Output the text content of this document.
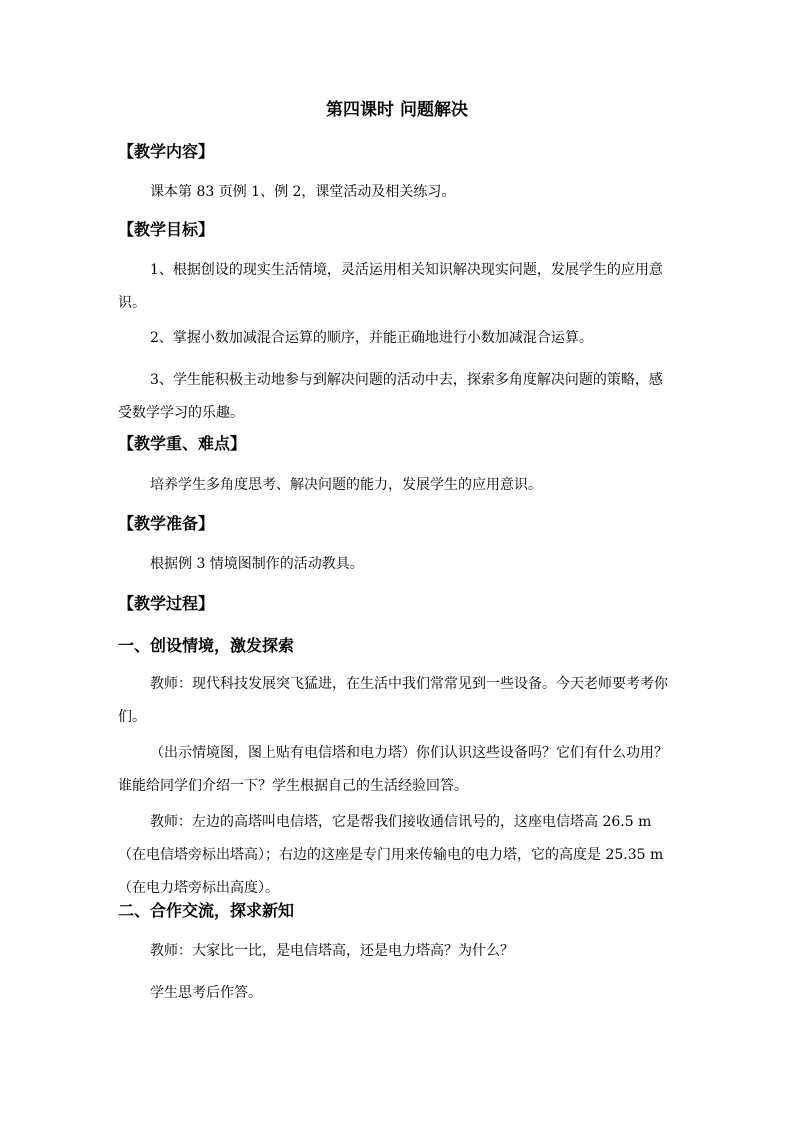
第四课时 问题解决
【教学内容】
课本第 83 页例 1、例 2，课堂活动及相关练习。
【教学目标】
1、根据创设的现实生活情境，灵活运用相关知识解决现实问题，发展学生的应用意识。
2、掌握小数加减混合运算的顺序，并能正确地进行小数加减混合运算。
3、学生能积极主动地参与到解决问题的活动中去，探索多角度解决问题的策略，感受数学学习的乐趣。
【教学重、难点】
培养学生多角度思考、解决问题的能力，发展学生的应用意识。
【教学准备】
根据例 3 情境图制作的活动教具。
【教学过程】
一、创设情境，激发探索
教师：现代科技发展突飞猛进，在生活中我们常常见到一些设备。今天老师要考考你们。
（出示情境图，图上贴有电信塔和电力塔）你们认识这些设备吗？它们有什么功用？谁能给同学们介绍一下？学生根据自己的生活经验回答。
教师：左边的高塔叫电信塔，它是帮我们接收通信讯号的，这座电信塔高 26.5 m（在电信塔旁标出塔高）；右边的这座是专门用来传输电的电力塔，它的高度是 25.35 m（在电力塔旁标出高度）。
二、合作交流，探求新知
教师：大家比一比，是电信塔高，还是电力塔高？为什么？
学生思考后作答。
